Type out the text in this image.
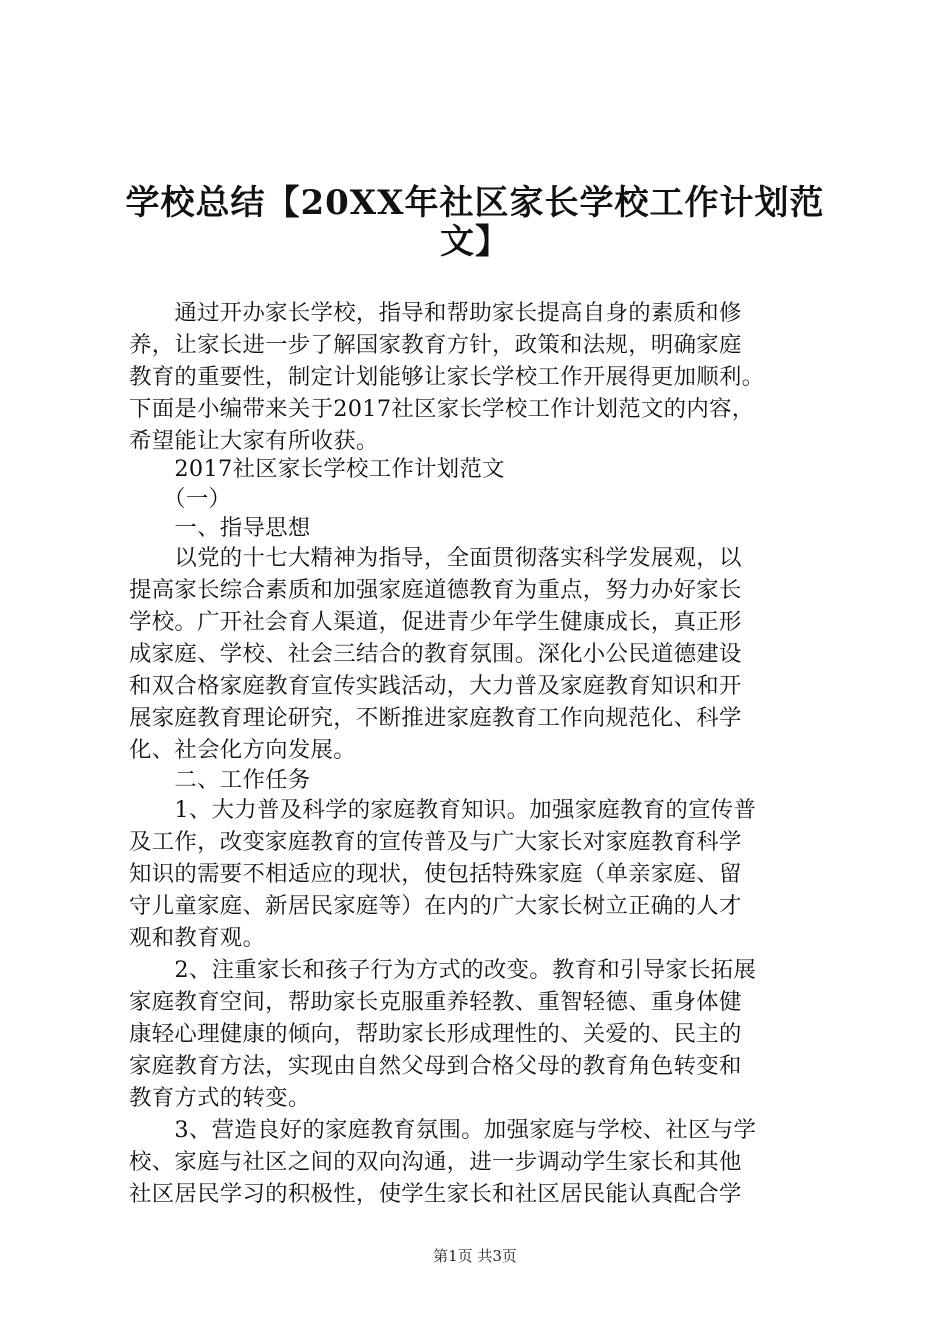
学校总结【20XX年社区家长学校工作计划范
文】
　　通过开办家长学校，指导和帮助家长提高自身的素质和修
养，让家长进一步了解国家教育方针，政策和法规，明确家庭
教育的重要性，制定计划能够让家长学校工作开展得更加顺利。
下面是小编带来关于2017社区家长学校工作计划范文的内容，
希望能让大家有所收获。
　　2017社区家长学校工作计划范文
　　（一）
　　一、指导思想
　　以党的十七大精神为指导，全面贯彻落实科学发展观，以
提高家长综合素质和加强家庭道德教育为重点，努力办好家长
学校。广开社会育人渠道，促进青少年学生健康成长，真正形
成家庭、学校、社会三结合的教育氛围。深化小公民道德建设
和双合格家庭教育宣传实践活动，大力普及家庭教育知识和开
展家庭教育理论研究，不断推进家庭教育工作向规范化、科学
化、社会化方向发展。
　　二、工作任务
　　1、大力普及科学的家庭教育知识。加强家庭教育的宣传普
及工作，改变家庭教育的宣传普及与广大家长对家庭教育科学
知识的需要不相适应的现状，使包括特殊家庭（单亲家庭、留
守儿童家庭、新居民家庭等）在内的广大家长树立正确的人才
观和教育观。
　　2、注重家长和孩子行为方式的改变。教育和引导家长拓展
家庭教育空间，帮助家长克服重养轻教、重智轻德、重身体健
康轻心理健康的倾向，帮助家长形成理性的、关爱的、民主的
家庭教育方法，实现由自然父母到合格父母的教育角色转变和
教育方式的转变。
　　3、营造良好的家庭教育氛围。加强家庭与学校、社区与学
校、家庭与社区之间的双向沟通，进一步调动学生家长和其他
社区居民学习的积极性，使学生家长和社区居民能认真配合学
第1页 共3页
